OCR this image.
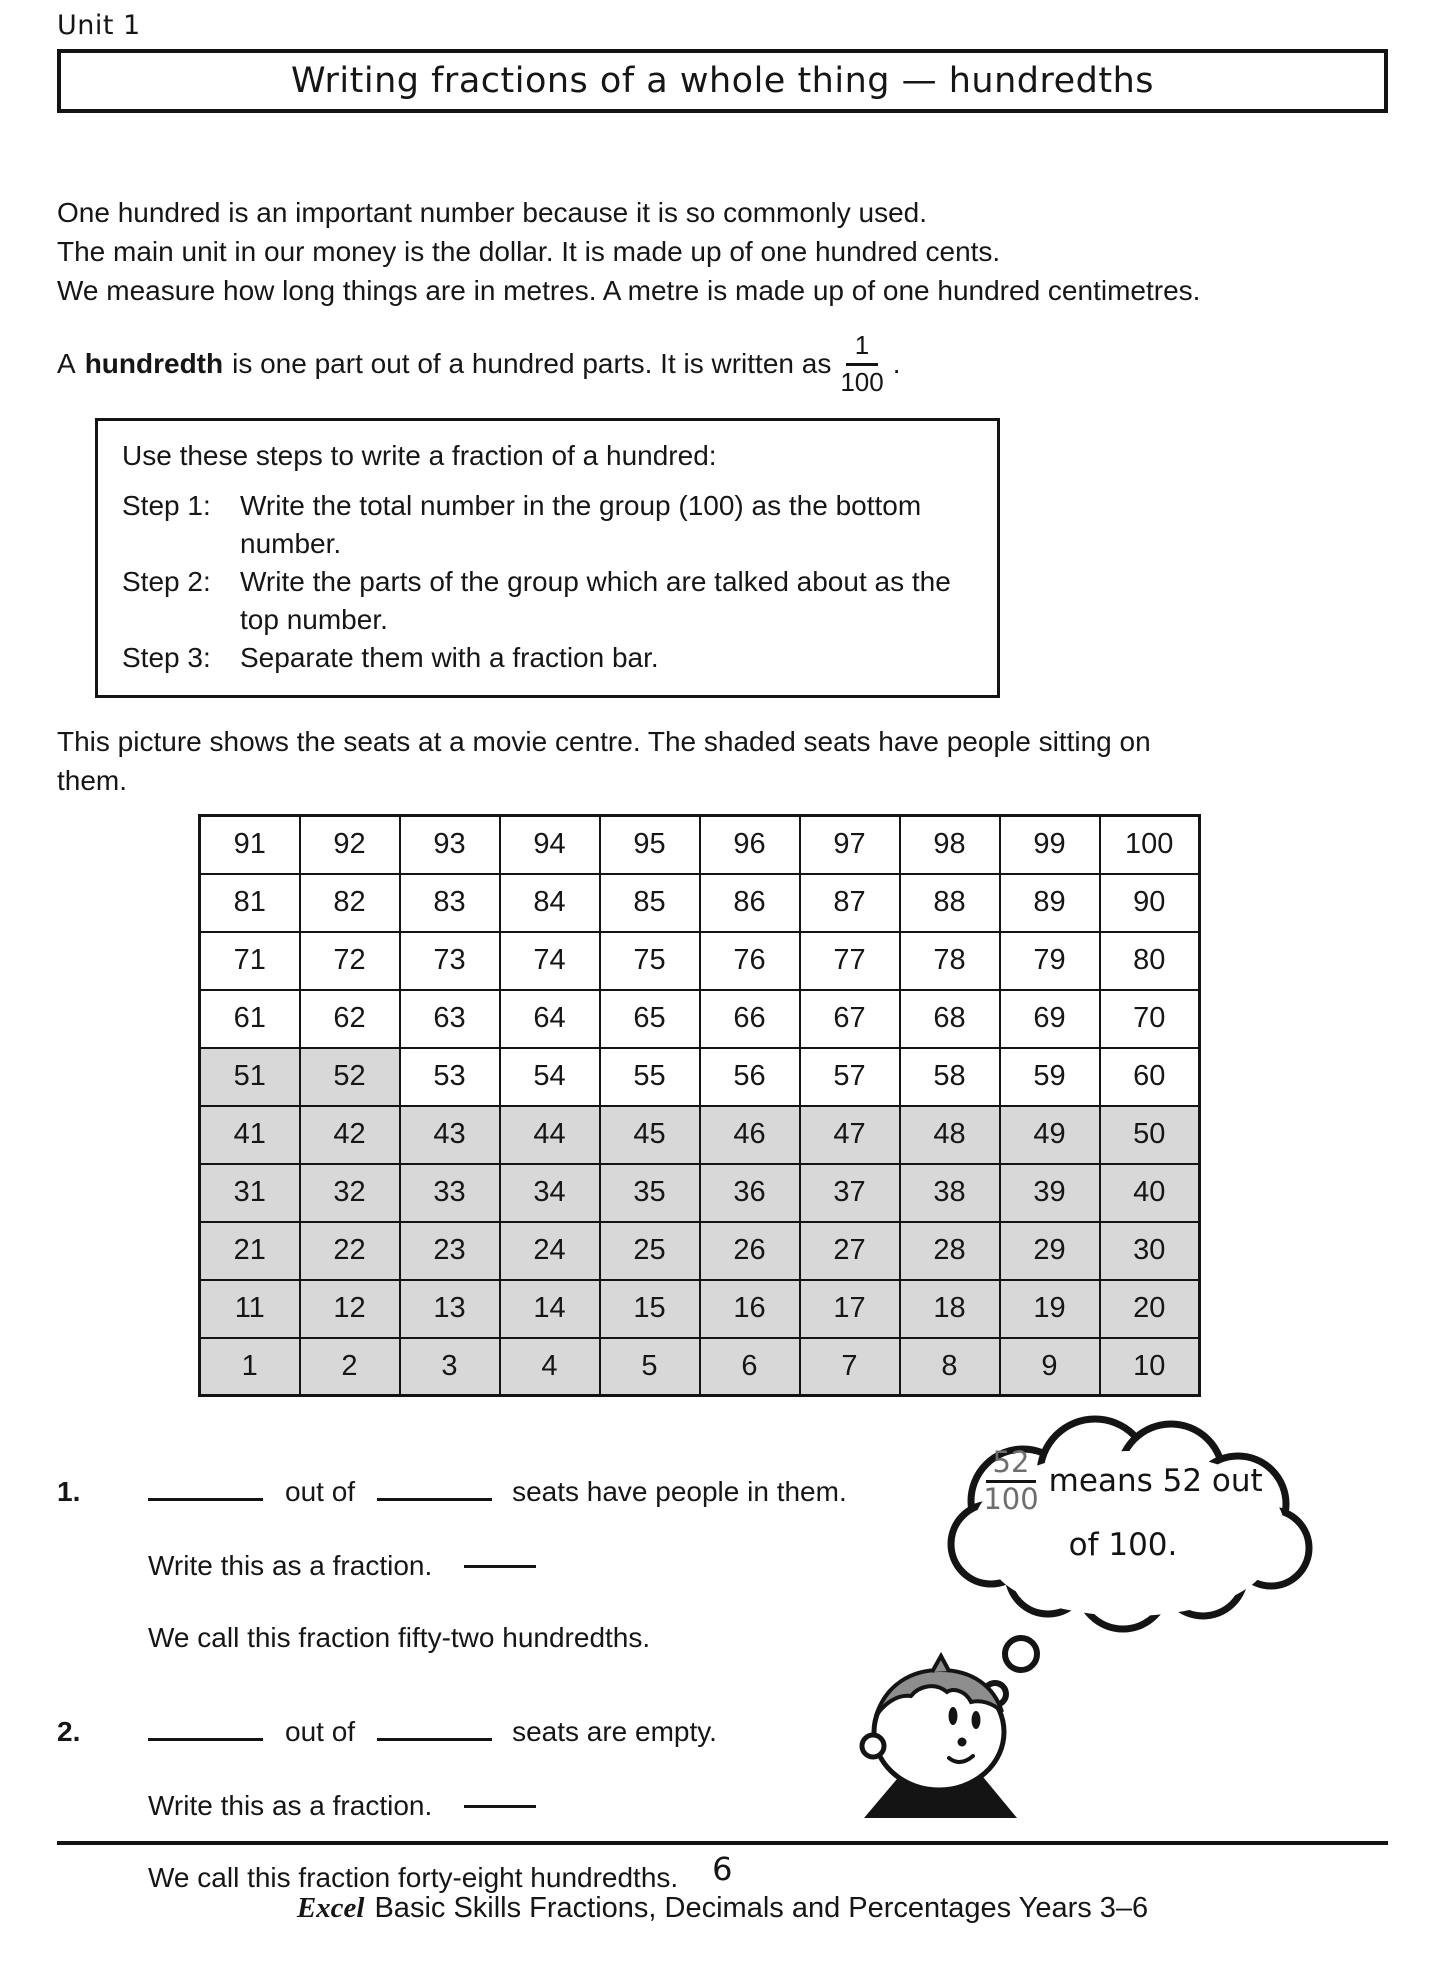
Unit 1
Writing fractions of a whole thing — hundredths
One hundred is an important number because it is so commonly used.
The main unit in our money is the dollar. It is made up of one hundred cents.
We measure how long things are in metres. A metre is made up of one hundred centimetres.
A hundredth is one part out of a hundred parts. It is written as $\frac{1}{100}$ .
Use these steps to write a fraction of a hundred:
Step 1:	Write the total number in the group (100) as the bottom number.
Step 2:	Write the parts of the group which are talked about as the top number.
Step 3:	Separate them with a fraction bar.
This picture shows the seats at a movie centre. The shaded seats have people sitting on
them.
91	92	93	94	95	96	97	98	99	100
81	82	83	84	85	86	87	88	89	90
71	72	73	74	75	76	77	78	79	80
61	62	63	64	65	66	67	68	69	70
51	52	53	54	55	56	57	58	59	60
41	42	43	44	45	46	47	48	49	50
31	32	33	34	35	36	37	38	39	40
21	22	23	24	25	26	27	28	29	30
11	12	13	14	15	16	17	18	19	20
1	2	3	4	5	6	7	8	9	10
1.	out of	seats have people in them.
Write this as a fraction.
We call this fraction fifty-two hundredths.
2.	out of	seats are empty.
Write this as a fraction.
We call this fraction forty-eight hundredths.
$\frac{52}{100}$ means 52 out
of 100.
6
Excel Basic Skills Fractions, Decimals and Percentages Years 3–6
